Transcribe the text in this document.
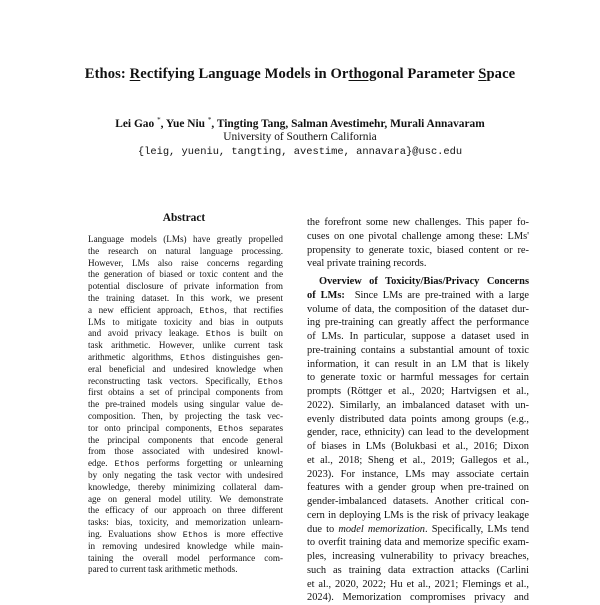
Ethos: Rectifying Language Models in Orthogonal Parameter Space
Lei Gao *, Yue Niu *, Tingting Tang, Salman Avestimehr, Murali Annavaram
University of Southern California
{leig, yueniu, tangting, avestime, annavara}@usc.edu
Abstract
Language models (LMs) have greatly propelled
the research on natural language processing.
However, LMs also raise concerns regarding
the generation of biased or toxic content and the
potential disclosure of private information from
the training dataset. In this work, we present
a new efficient approach, Ethos, that rectifies
LMs to mitigate toxicity and bias in outputs
and avoid privacy leakage. Ethos is built on
task arithmetic. However, unlike current task
arithmetic algorithms, Ethos distinguishes gen-
eral beneficial and undesired knowledge when
reconstructing task vectors. Specifically, Ethos
first obtains a set of principal components from
the pre-trained models using singular value de-
composition. Then, by projecting the task vec-
tor onto principal components, Ethos separates
the principal components that encode general
from those associated with undesired knowl-
edge. Ethos performs forgetting or unlearning
by only negating the task vector with undesired
knowledge, thereby minimizing collateral dam-
age on general model utility. We demonstrate
the efficacy of our approach on three different
tasks: bias, toxicity, and memorization unlearn-
ing. Evaluations show Ethos is more effective
in removing undesired knowledge while main-
taining the overall model performance com-
pared to current task arithmetic methods.
the forefront some new challenges. This paper fo-
cuses on one pivotal challenge among these: LMs'
propensity to generate toxic, biased content or re-
veal private training records.
Overview of Toxicity/Bias/Privacy Concerns
of LMs: Since LMs are pre-trained with a large
volume of data, the composition of the dataset dur-
ing pre-training can greatly affect the performance
of LMs. In particular, suppose a dataset used in
pre-training contains a substantial amount of toxic
information, it can result in an LM that is likely
to generate toxic or harmful messages for certain
prompts (Röttger et al., 2020; Hartvigsen et al.,
2022). Similarly, an imbalanced dataset with un-
evenly distributed data points among groups (e.g.,
gender, race, ethnicity) can lead to the development
of biases in LMs (Bolukbasi et al., 2016; Dixon
et al., 2018; Sheng et al., 2019; Gallegos et al.,
2023). For instance, LMs may associate certain
features with a gender group when pre-trained on
gender-imbalanced datasets. Another critical con-
cern in deploying LMs is the risk of privacy leakage
due to model memorization. Specifically, LMs tend
to overfit training data and memorize specific exam-
ples, increasing vulnerability to privacy breaches,
such as training data extraction attacks (Carlini
et al., 2020, 2022; Hu et al., 2021; Flemings et al.,
2024). Memorization compromises privacy and
